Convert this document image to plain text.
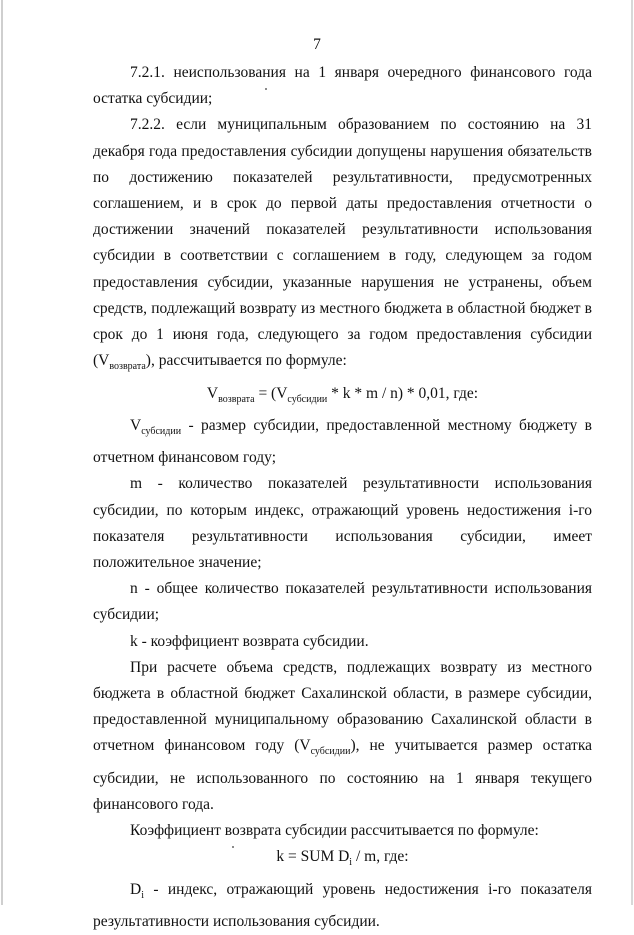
7

7.2.1. неиспользования на 1 января очередного финансового года остатка субсидии;

7.2.2. если муниципальным образованием по состоянию на 31 декабря года предоставления субсидии допущены нарушения обязательств по достижению показателей результативности, предусмотренных соглашением, и в срок до первой даты предоставления отчетности о достижении значений показателей результативности использования субсидии в соответствии с соглашением в году, следующем за годом предоставления субсидии, указанные нарушения не устранены, объем средств, подлежащий возврату из местного бюджета в областной бюджет в срок до 1 июня года, следующего за годом предоставления субсидии $(V_{возврата})$, рассчитывается по формуле:

$V_{возврата} = (V_{субсидии} * k * m / n) * 0,01$, где:

$V_{субсидии}$ - размер субсидии, предоставленной местному бюджету в отчетном финансовом году;

m - количество показателей результативности использования субсидии, по которым индекс, отражающий уровень недостижения i-го показателя результативности использования субсидии, имеет положительное значение;

n - общее количество показателей результативности использования субсидии;

k - коэффициент возврата субсидии.

При расчете объема средств, подлежащих возврату из местного бюджета в областной бюджет Сахалинской области, в размере субсидии, предоставленной муниципальному образованию Сахалинской области в отчетном финансовом году $(V_{субсидии})$, не учитывается размер остатка субсидии, не использованного по состоянию на 1 января текущего финансового года.

Коэффициент возврата субсидии рассчитывается по формуле:

k = SUM $D_i$ / m, где:

$D_i$ - индекс, отражающий уровень недостижения i-го показателя результативности использования субсидии.
